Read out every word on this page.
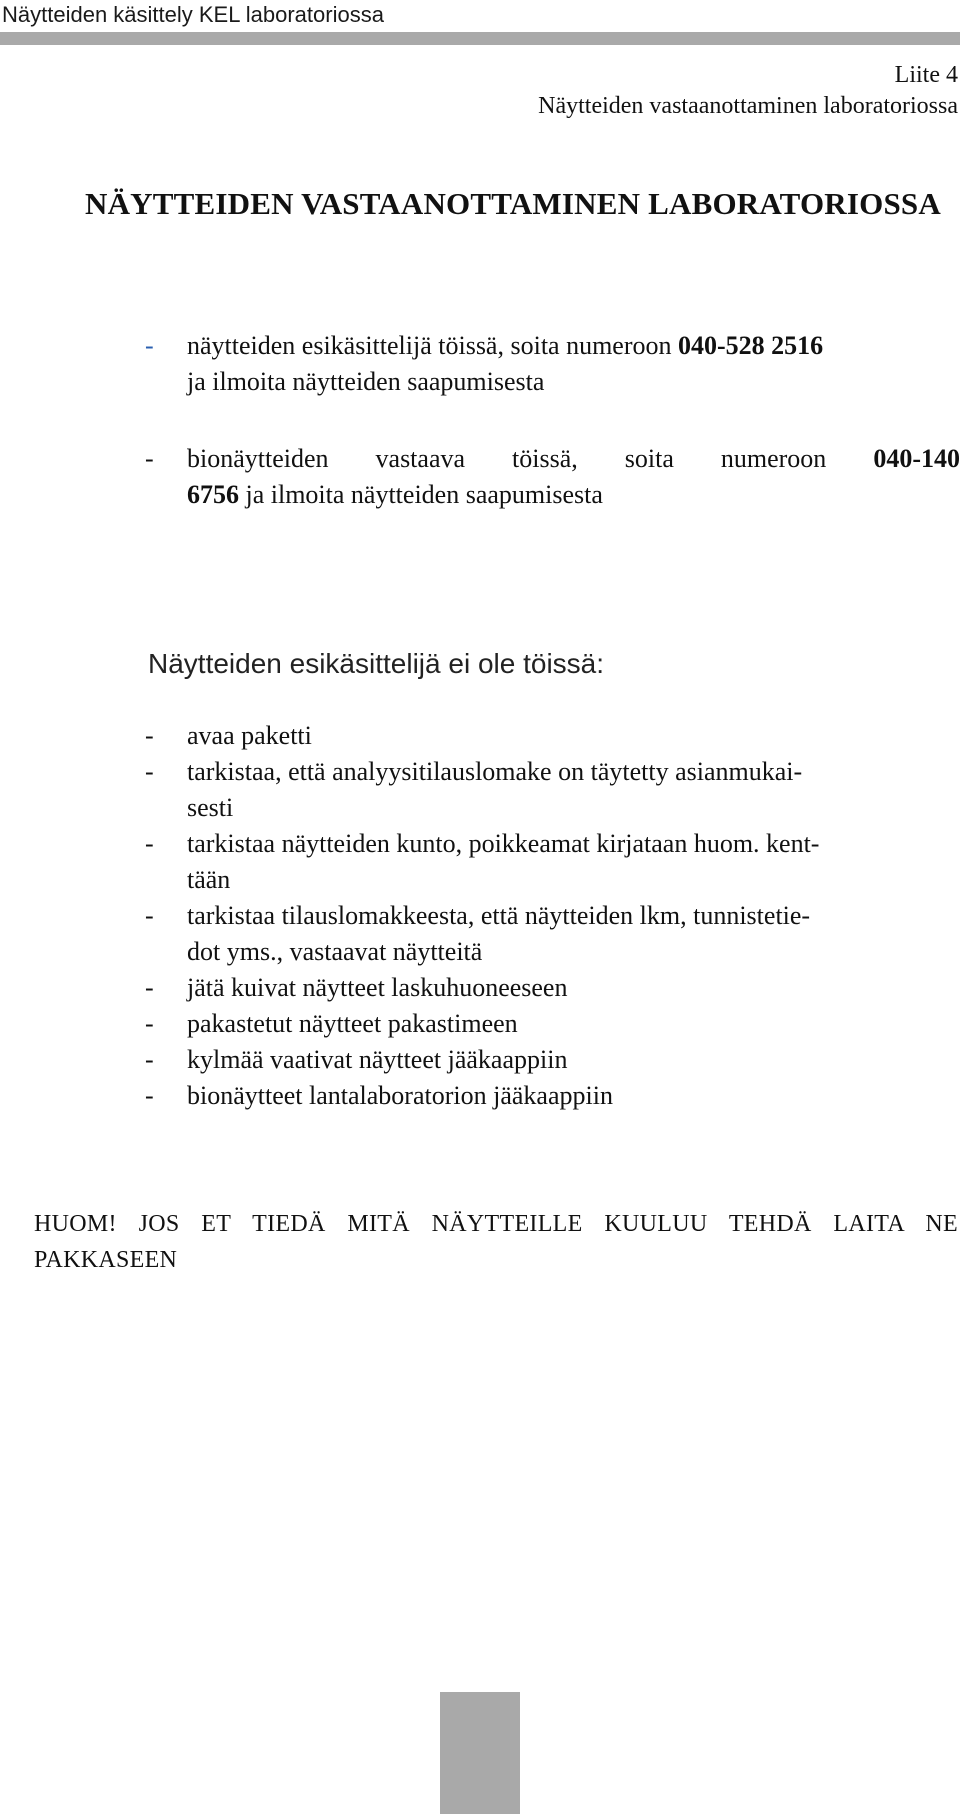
Näytteiden käsittely KEL laboratoriossa
Liite 4
Näytteiden vastaanottaminen laboratoriossa
NÄYTTEIDEN VASTAANOTTAMINEN LABORATORIOSSA
- näytteiden esikäsittelijä töissä, soita numeroon 040-528 2516
ja ilmoita näytteiden saapumisesta
- bionäytteiden vastaava töissä, soita numeroon 040-140
6756 ja ilmoita näytteiden saapumisesta
Näytteiden esikäsittelijä ei ole töissä:
- avaa paketti
- tarkistaa, että analyysitilauslomake on täytetty asianmukai-
sesti
- tarkistaa näytteiden kunto, poikkeamat kirjataan huom. kent-
tään
- tarkistaa tilauslomakkeesta, että näytteiden lkm, tunnistetie-
dot yms., vastaavat näytteitä
- jätä kuivat näytteet laskuhuoneeseen
- pakastetut näytteet pakastimeen
- kylmää vaativat näytteet jääkaappiin
- bionäytteet lantalaboratorion jääkaappiin
HUOM! JOS ET TIEDÄ MITÄ NÄYTTEILLE KUULUU TEHDÄ LAITA NE
PAKKASEEN
